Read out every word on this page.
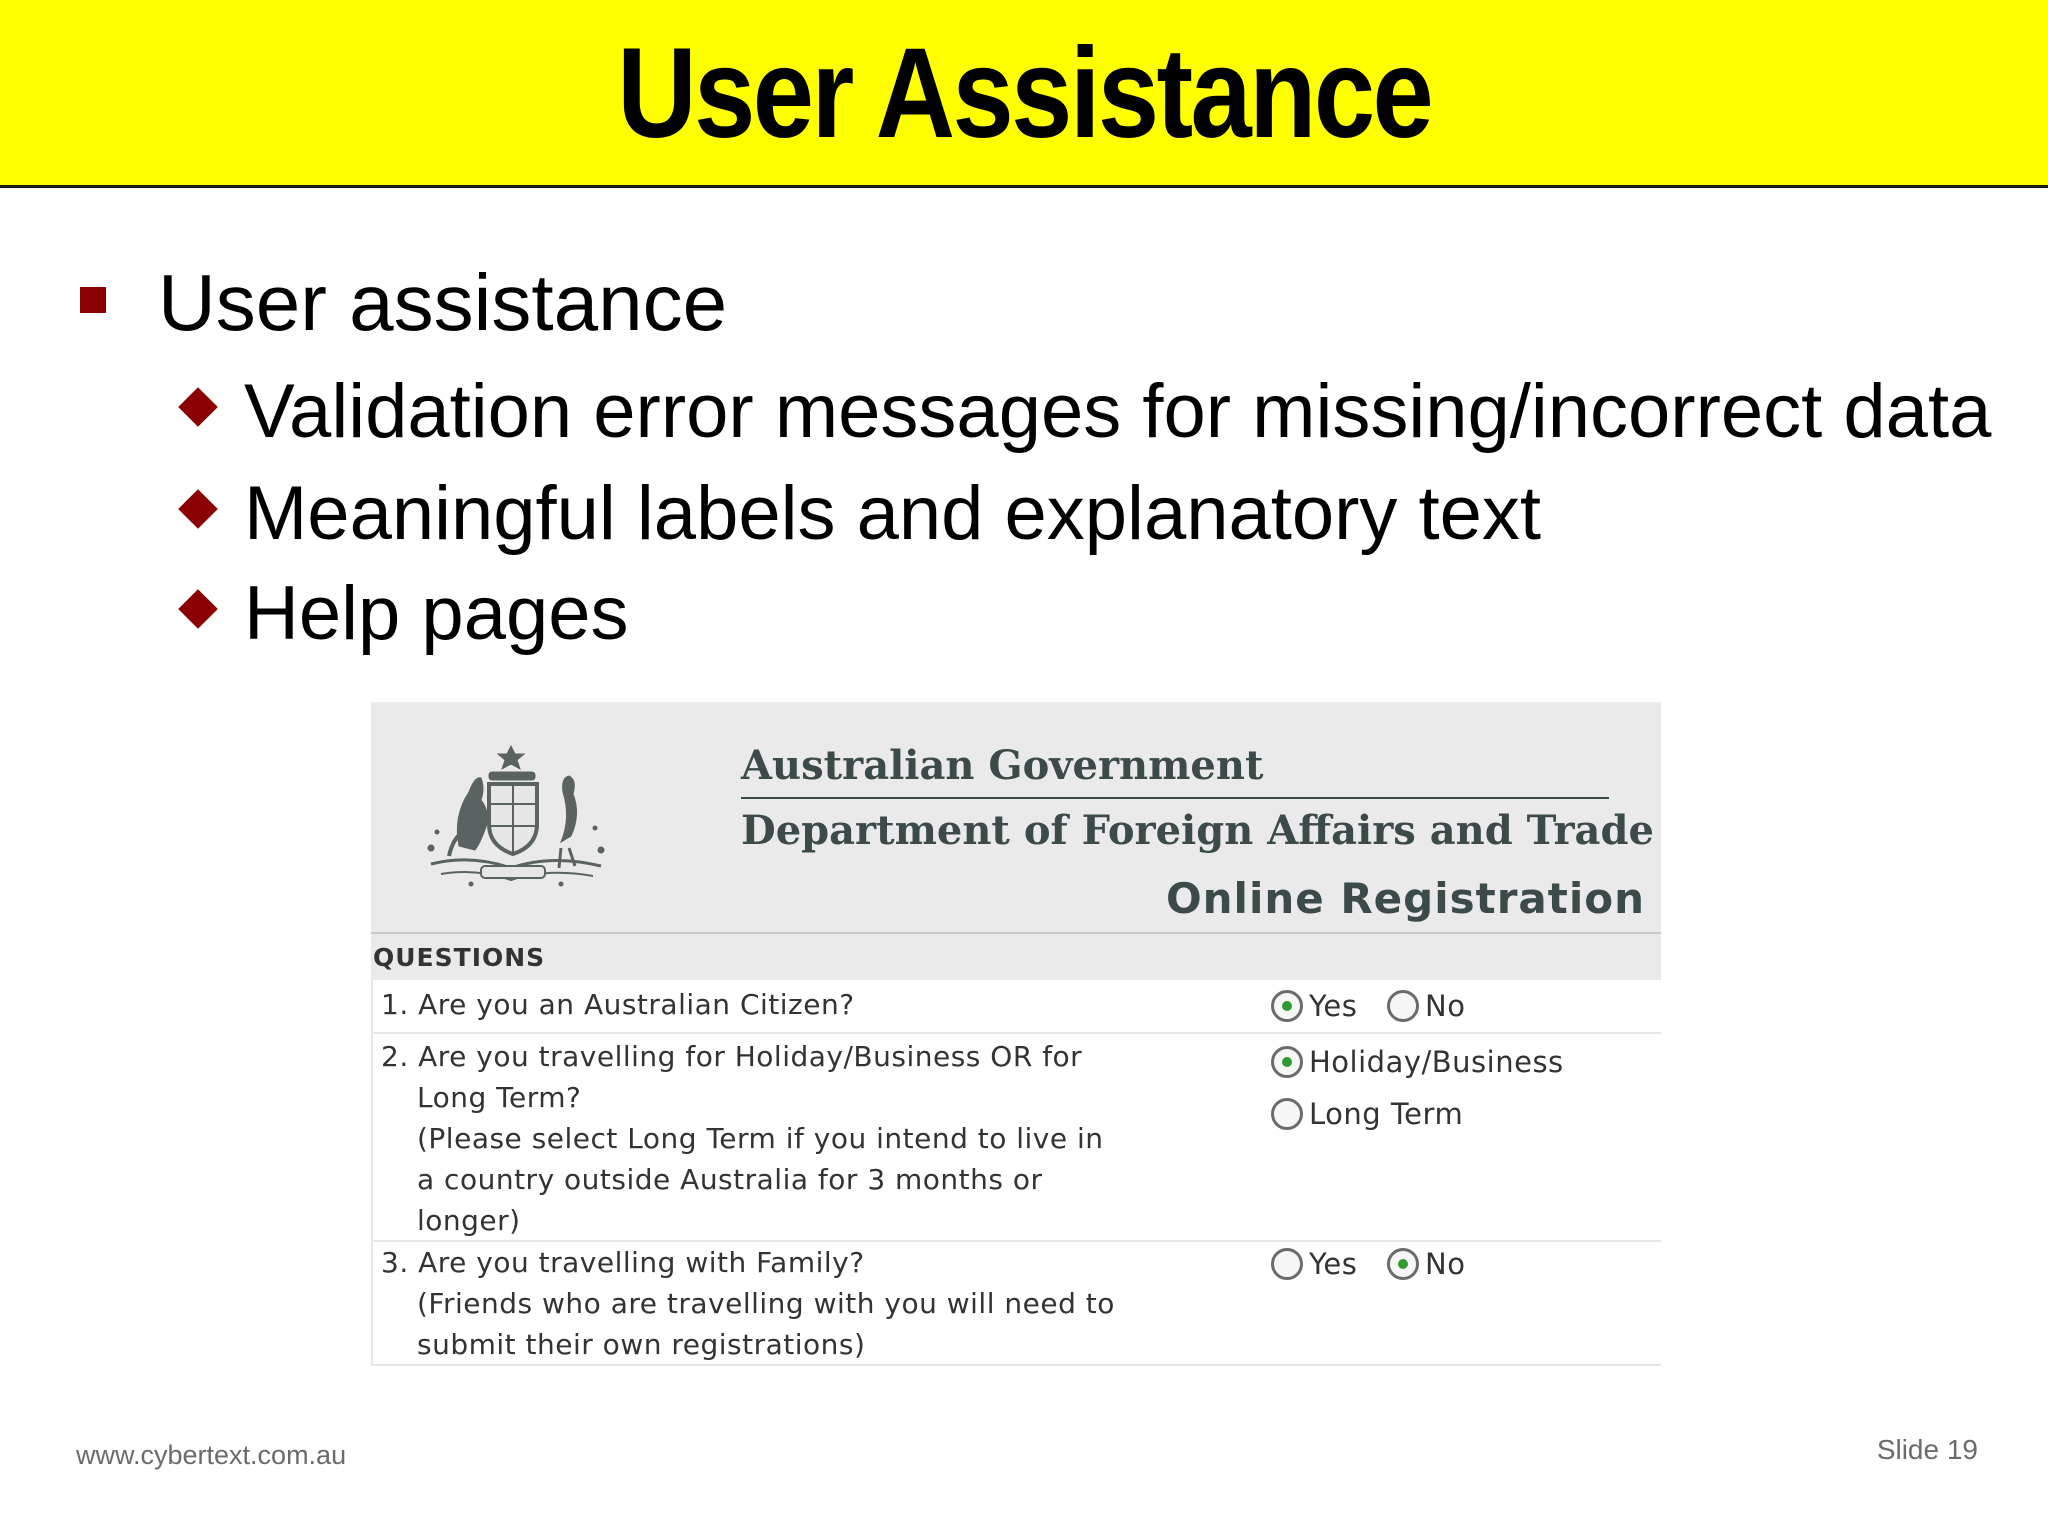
User Assistance
User assistance
Validation error messages for missing/incorrect data
Meaningful labels and explanatory text
Help pages
Australian Government
Department of Foreign Affairs and Trade
Online Registration
QUESTIONS
1. Are you an Australian Citizen?	Yes
No
2. Are you travelling for Holiday/Business OR for
Long Term?
(Please select Long Term if you intend to live in
a country outside Australia for 3 months or
longer)
Holiday/Business
Long Term
3. Are you travelling with Family?
(Friends who are travelling with you will need to
submit their own registrations)
Yes
No
www.cybertext.com.au	Slide 19
